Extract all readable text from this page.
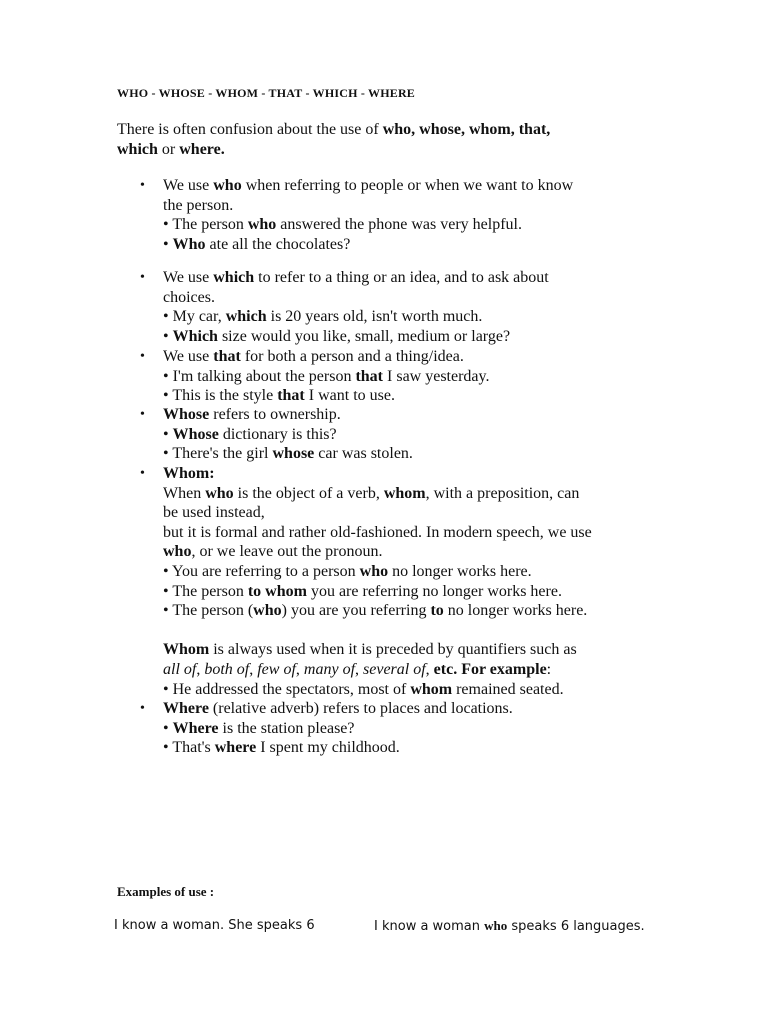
WHO - WHOSE - WHOM - THAT - WHICH - WHERE
There is often confusion about the use of who, whose, whom, that,
which or where.
• We use who when referring to people or when we want to know
the person.
• The person who answered the phone was very helpful.
• Who ate all the chocolates?
• We use which to refer to a thing or an idea, and to ask about
choices.
• My car, which is 20 years old, isn't worth much.
• Which size would you like, small, medium or large?
• We use that for both a person and a thing/idea.
• I'm talking about the person that I saw yesterday.
• This is the style that I want to use.
• Whose refers to ownership.
• Whose dictionary is this?
• There's the girl whose car was stolen.
• Whom:
When who is the object of a verb, whom, with a preposition, can
be used instead,
but it is formal and rather old-fashioned. In modern speech, we use
who, or we leave out the pronoun.
• You are referring to a person who no longer works here.
• The person to whom you are referring no longer works here.
• The person (who) you are you referring to no longer works here.
Whom is always used when it is preceded by quantifiers such as
all of, both of, few of, many of, several of, etc. For example:
• He addressed the spectators, most of whom remained seated.
• Where (relative adverb) refers to places and locations.
• Where is the station please?
• That's where I spent my childhood.
Examples of use :
I know a woman. She speaks 6	I know a woman who speaks 6 languages.
